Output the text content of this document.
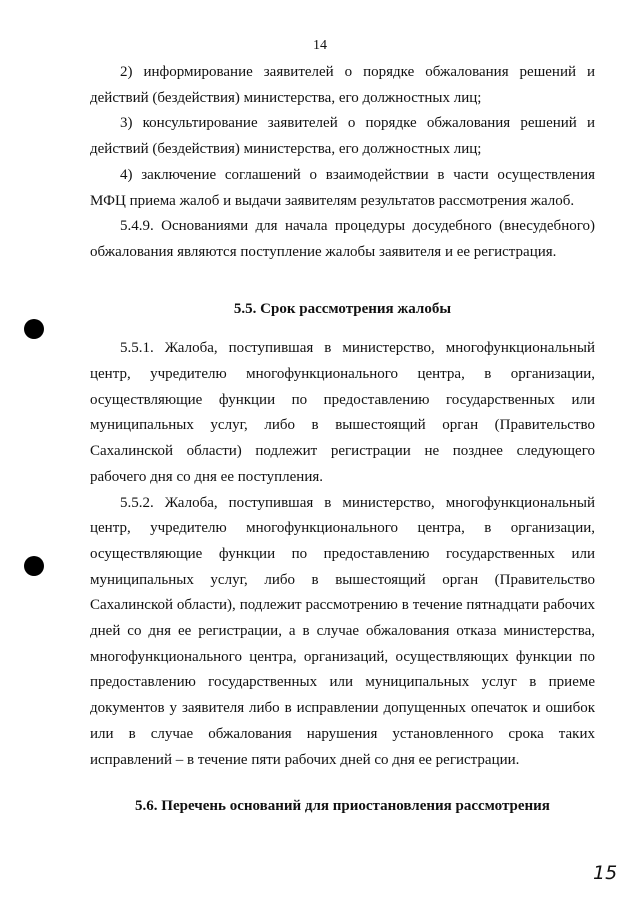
14

2) информирование заявителей о порядке обжалования решений и действий (бездействия) министерства, его должностных лиц;

3) консультирование заявителей о порядке обжалования решений и действий (бездействия) министерства, его должностных лиц;

4) заключение соглашений о взаимодействии в части осуществления МФЦ приема жалоб и выдачи заявителям результатов рассмотрения жалоб.

5.4.9. Основаниями для начала процедуры досудебного (внесудебного) обжалования являются поступление жалобы заявителя и ее регистрация.

5.5. Срок рассмотрения жалобы

5.5.1. Жалоба, поступившая в министерство, многофункциональный центр, учредителю многофункционального центра, в организации, осуществляющие функции по предоставлению государственных или муниципальных услуг, либо в вышестоящий орган (Правительство Сахалинской области) подлежит регистрации не позднее следующего рабочего дня со дня ее поступления.

5.5.2. Жалоба, поступившая в министерство, многофункциональный центр, учредителю многофункционального центра, в организации, осуществляющие функции по предоставлению государственных или муниципальных услуг, либо в вышестоящий орган (Правительство Сахалинской области), подлежит рассмотрению в течение пятнадцати рабочих дней со дня ее регистрации, а в случае обжалования отказа министерства, многофункционального центра, организаций, осуществляющих функции по предоставлению государственных или муниципальных услуг в приеме документов у заявителя либо в исправлении допущенных опечаток и ошибок или в случае обжалования нарушения установленного срока таких исправлений – в течение пяти рабочих дней со дня ее регистрации.

5.6. Перечень оснований для приостановления рассмотрения

15
